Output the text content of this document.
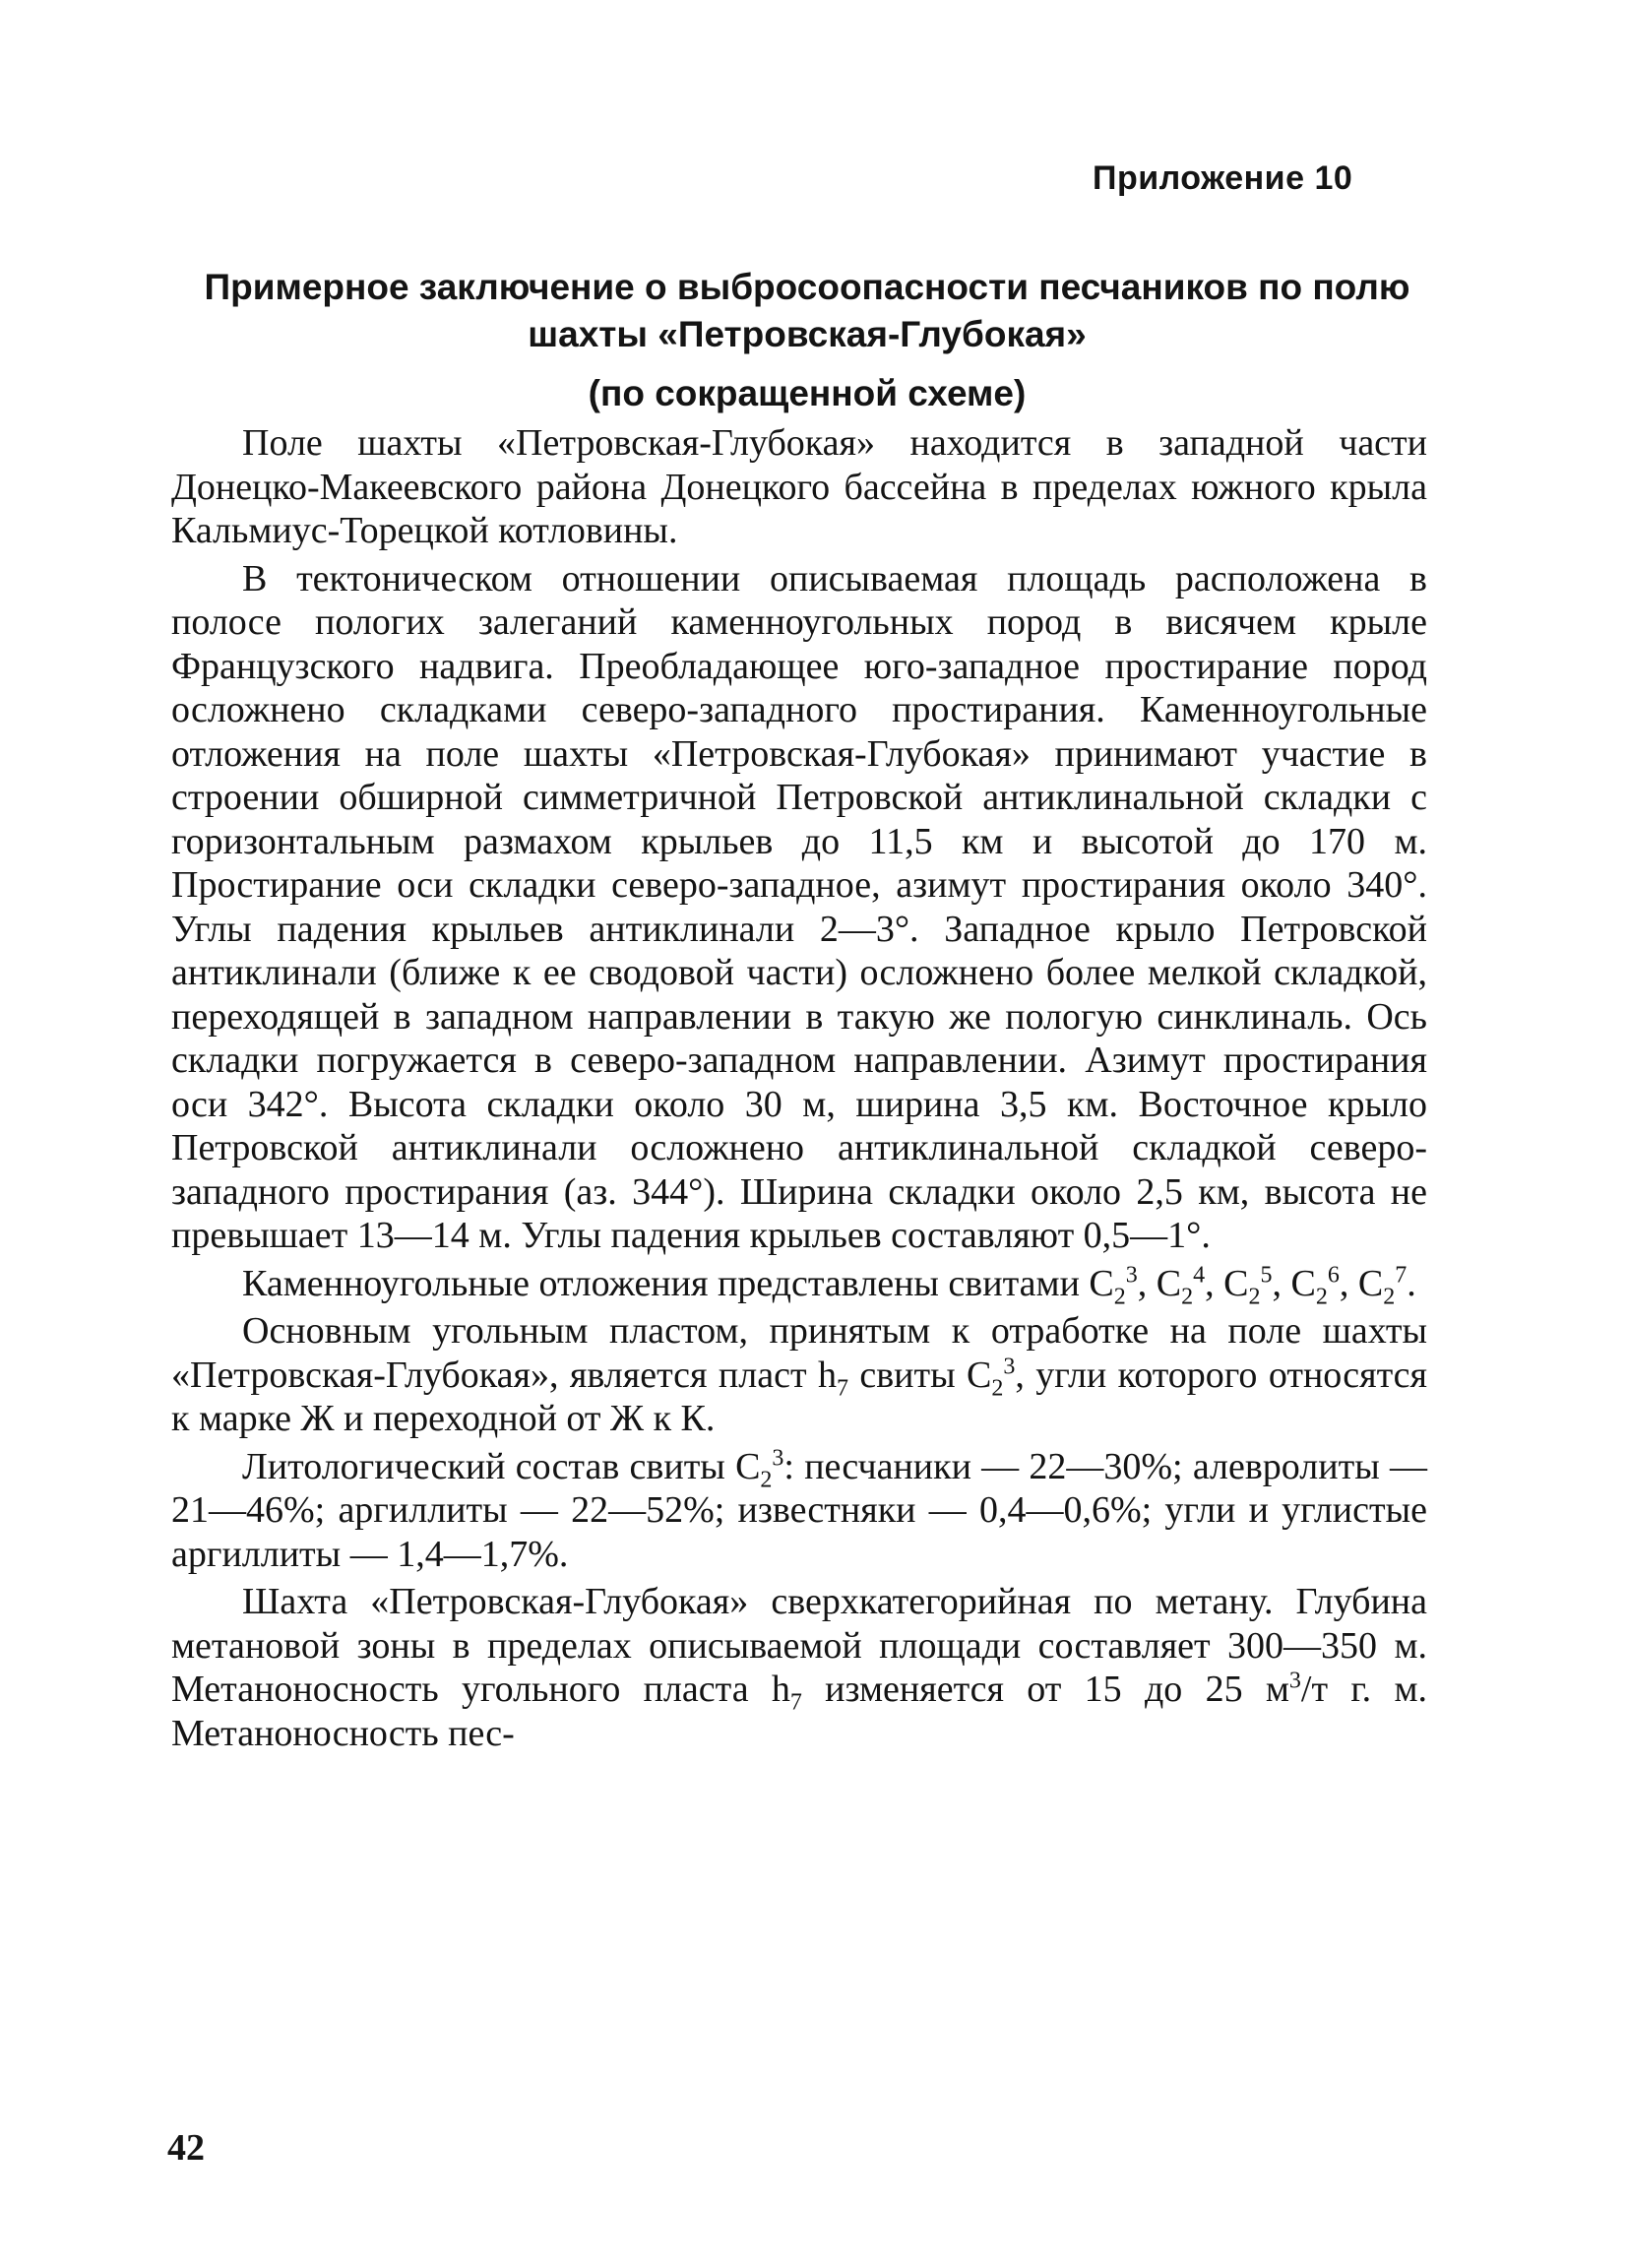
Приложение 10
Примерное заключение о выбросоопасности песчаников по полю шахты «Петровская-Глубокая»
(по сокращенной схеме)

Поле шахты «Петровская-Глубокая» находится в западной части Донецко-Макеевского района Донецкого бассейна в пределах южного крыла Кальмиус-Торецкой котловины.

В тектоническом отношении описываемая площадь расположена в полосе пологих залеганий каменноугольных пород в висячем крыле Французского надвига. Преобладающее юго-западное простирание пород осложнено складками северо-западного простирания. Каменноугольные отложения на поле шахты «Петровская-Глубокая» принимают участие в строении обширной симметричной Петровской антиклинальной складки с горизонтальным размахом крыльев до 11,5 км и высотой до 170 м. Простирание оси складки северо-западное, азимут простирания около 340°. Углы падения крыльев антиклинали 2—3°. Западное крыло Петровской антиклинали (ближе к ее сводовой части) осложнено более мелкой складкой, переходящей в западном направлении в такую же пологую синклиналь. Ось складки погружается в северо-западном направлении. Азимут простирания оси 342°. Высота складки около 30 м, ширина 3,5 км. Восточное крыло Петровской антиклинали осложнено антиклинальной складкой северо-западного простирания (аз. 344°). Ширина складки около 2,5 км, высота не превышает 13—14 м. Углы падения крыльев составляют 0,5—1°.

Каменноугольные отложения представлены свитами $C_2^3$, $C_2^4$, $C_2^5$, $C_2^6$, $C_2^7$.

Основным угольным пластом, принятым к отработке на поле шахты «Петровская-Глубокая», является пласт $h_7$ свиты $C_2^3$, угли которого относятся к марке Ж и переходной от Ж к К.

Литологический состав свиты $C_2^3$: песчаники — 22—30%; алевролиты — 21—46%; аргиллиты — 22—52%; известняки — 0,4—0,6%; угли и углистые аргиллиты — 1,4—1,7%.

Шахта «Петровская-Глубокая» сверхкатегорийная по метану. Глубина метановой зоны в пределах описываемой площади составляет 300—350 м. Метаноносность угольного пласта $h_7$ изменяется от 15 до 25 $м^3/т$ г. м. Метаноносность пес-

42
